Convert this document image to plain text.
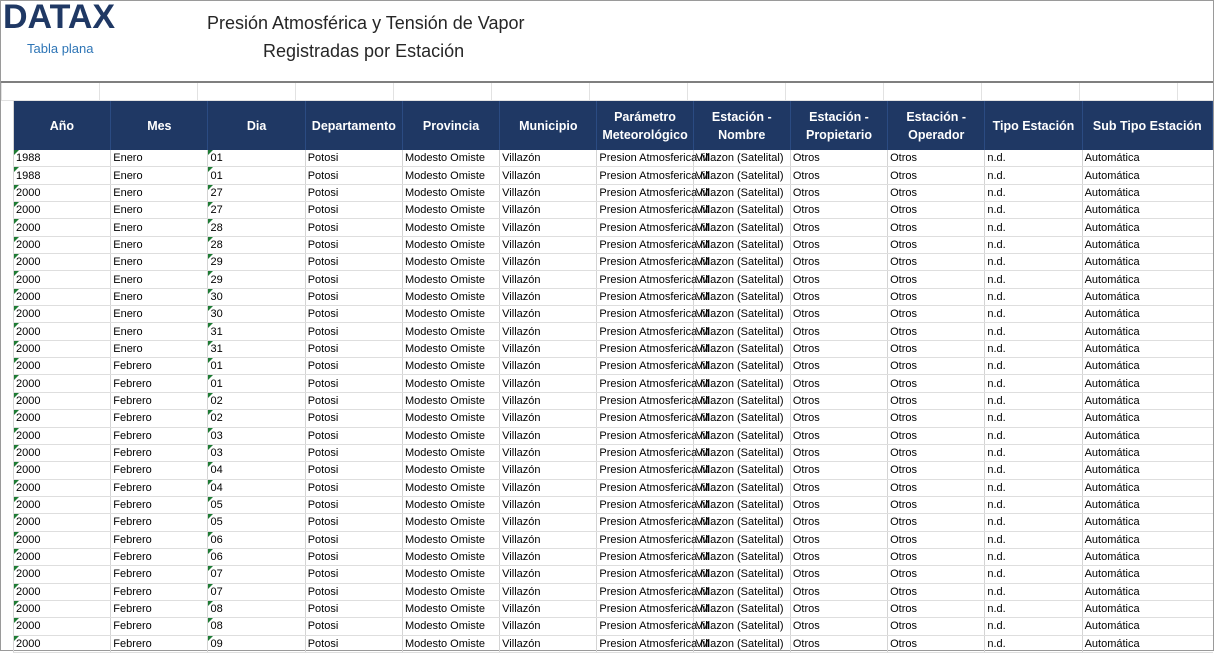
DATAX
Tabla plana
Presión Atmosférica y Tensión de Vapor
Registradas por Estación
Año	Mes	Dia	Departamento	Provincia	Municipio	Parámetro Meteorológico	Estación - Nombre	Estación - Propietario	Estación - Operador	Tipo Estación	Sub Tipo Estación
1988	Enero	01	Potosi	Modesto Omiste	Villazón	Presion Atmosferica M	Villazon (Satelital)	Otros	Otros	n.d.	Automática
1988	Enero	01	Potosi	Modesto Omiste	Villazón	Presion Atmosferica M	Villazon (Satelital)	Otros	Otros	n.d.	Automática
2000	Enero	27	Potosi	Modesto Omiste	Villazón	Presion Atmosferica M	Villazon (Satelital)	Otros	Otros	n.d.	Automática
2000	Enero	27	Potosi	Modesto Omiste	Villazón	Presion Atmosferica M	Villazon (Satelital)	Otros	Otros	n.d.	Automática
2000	Enero	28	Potosi	Modesto Omiste	Villazón	Presion Atmosferica M	Villazon (Satelital)	Otros	Otros	n.d.	Automática
2000	Enero	28	Potosi	Modesto Omiste	Villazón	Presion Atmosferica M	Villazon (Satelital)	Otros	Otros	n.d.	Automática
2000	Enero	29	Potosi	Modesto Omiste	Villazón	Presion Atmosferica M	Villazon (Satelital)	Otros	Otros	n.d.	Automática
2000	Enero	29	Potosi	Modesto Omiste	Villazón	Presion Atmosferica M	Villazon (Satelital)	Otros	Otros	n.d.	Automática
2000	Enero	30	Potosi	Modesto Omiste	Villazón	Presion Atmosferica M	Villazon (Satelital)	Otros	Otros	n.d.	Automática
2000	Enero	30	Potosi	Modesto Omiste	Villazón	Presion Atmosferica M	Villazon (Satelital)	Otros	Otros	n.d.	Automática
2000	Enero	31	Potosi	Modesto Omiste	Villazón	Presion Atmosferica M	Villazon (Satelital)	Otros	Otros	n.d.	Automática
2000	Enero	31	Potosi	Modesto Omiste	Villazón	Presion Atmosferica M	Villazon (Satelital)	Otros	Otros	n.d.	Automática
2000	Febrero	01	Potosi	Modesto Omiste	Villazón	Presion Atmosferica M	Villazon (Satelital)	Otros	Otros	n.d.	Automática
2000	Febrero	01	Potosi	Modesto Omiste	Villazón	Presion Atmosferica M	Villazon (Satelital)	Otros	Otros	n.d.	Automática
2000	Febrero	02	Potosi	Modesto Omiste	Villazón	Presion Atmosferica M	Villazon (Satelital)	Otros	Otros	n.d.	Automática
2000	Febrero	02	Potosi	Modesto Omiste	Villazón	Presion Atmosferica M	Villazon (Satelital)	Otros	Otros	n.d.	Automática
2000	Febrero	03	Potosi	Modesto Omiste	Villazón	Presion Atmosferica M	Villazon (Satelital)	Otros	Otros	n.d.	Automática
2000	Febrero	03	Potosi	Modesto Omiste	Villazón	Presion Atmosferica M	Villazon (Satelital)	Otros	Otros	n.d.	Automática
2000	Febrero	04	Potosi	Modesto Omiste	Villazón	Presion Atmosferica M	Villazon (Satelital)	Otros	Otros	n.d.	Automática
2000	Febrero	04	Potosi	Modesto Omiste	Villazón	Presion Atmosferica M	Villazon (Satelital)	Otros	Otros	n.d.	Automática
2000	Febrero	05	Potosi	Modesto Omiste	Villazón	Presion Atmosferica M	Villazon (Satelital)	Otros	Otros	n.d.	Automática
2000	Febrero	05	Potosi	Modesto Omiste	Villazón	Presion Atmosferica M	Villazon (Satelital)	Otros	Otros	n.d.	Automática
2000	Febrero	06	Potosi	Modesto Omiste	Villazón	Presion Atmosferica M	Villazon (Satelital)	Otros	Otros	n.d.	Automática
2000	Febrero	06	Potosi	Modesto Omiste	Villazón	Presion Atmosferica M	Villazon (Satelital)	Otros	Otros	n.d.	Automática
2000	Febrero	07	Potosi	Modesto Omiste	Villazón	Presion Atmosferica M	Villazon (Satelital)	Otros	Otros	n.d.	Automática
2000	Febrero	07	Potosi	Modesto Omiste	Villazón	Presion Atmosferica M	Villazon (Satelital)	Otros	Otros	n.d.	Automática
2000	Febrero	08	Potosi	Modesto Omiste	Villazón	Presion Atmosferica M	Villazon (Satelital)	Otros	Otros	n.d.	Automática
2000	Febrero	08	Potosi	Modesto Omiste	Villazón	Presion Atmosferica M	Villazon (Satelital)	Otros	Otros	n.d.	Automática
2000	Febrero	09	Potosi	Modesto Omiste	Villazón	Presion Atmosferica M	Villazon (Satelital)	Otros	Otros	n.d.	Automática
